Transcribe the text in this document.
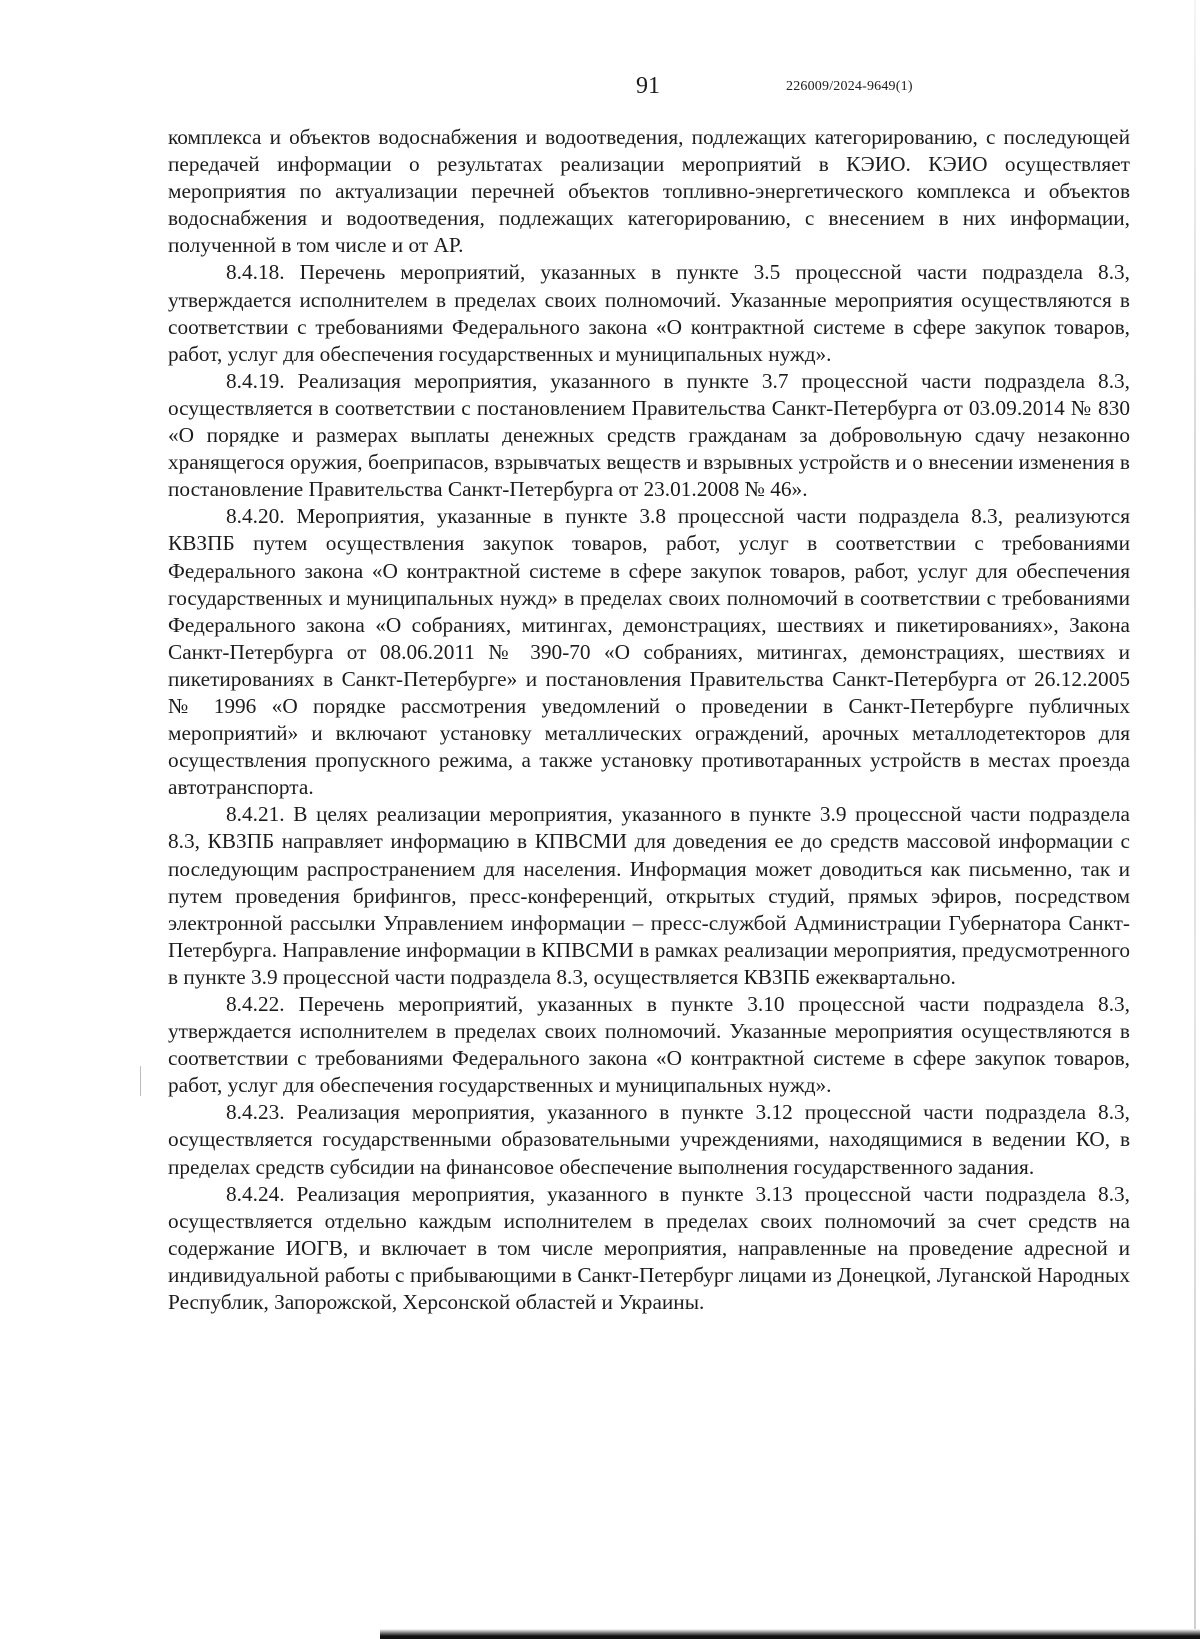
91	226009/2024-9649(1)

комплекса и объектов водоснабжения и водоотведения, подлежащих категорированию, с последующей передачей информации о результатах реализации мероприятий в КЭИО. КЭИО осуществляет мероприятия по актуализации перечней объектов топливно-энергетического комплекса и объектов водоснабжения и водоотведения, подлежащих категорированию, с внесением в них информации, полученной в том числе и от АР.

8.4.18. Перечень мероприятий, указанных в пункте 3.5 процессной части подраздела 8.3, утверждается исполнителем в пределах своих полномочий. Указанные мероприятия осуществляются в соответствии с требованиями Федерального закона «О контрактной системе в сфере закупок товаров, работ, услуг для обеспечения государственных и муниципальных нужд».

8.4.19. Реализация мероприятия, указанного в пункте 3.7 процессной части подраздела 8.3, осуществляется в соответствии с постановлением Правительства Санкт-Петербурга от 03.09.2014 № 830 «О порядке и размерах выплаты денежных средств гражданам за добровольную сдачу незаконно хранящегося оружия, боеприпасов, взрывчатых веществ и взрывных устройств и о внесении изменения в постановление Правительства Санкт-Петербурга от 23.01.2008 № 46».

8.4.20. Мероприятия, указанные в пункте 3.8 процессной части подраздела 8.3, реализуются КВЗПБ путем осуществления закупок товаров, работ, услуг в соответствии с требованиями Федерального закона «О контрактной системе в сфере закупок товаров, работ, услуг для обеспечения государственных и муниципальных нужд» в пределах своих полномочий в соответствии с требованиями Федерального закона «О собраниях, митингах, демонстрациях, шествиях и пикетированиях», Закона Санкт-Петербурга от 08.06.2011 № 390-70 «О собраниях, митингах, демонстрациях, шествиях и пикетированиях в Санкт-Петербурге» и постановления Правительства Санкт-Петербурга от 26.12.2005 № 1996 «О порядке рассмотрения уведомлений о проведении в Санкт-Петербурге публичных мероприятий» и включают установку металлических ограждений, арочных металлодетекторов для осуществления пропускного режима, а также установку противотаранных устройств в местах проезда автотранспорта.

8.4.21. В целях реализации мероприятия, указанного в пункте 3.9 процессной части подраздела 8.3, КВЗПБ направляет информацию в КПВСМИ для доведения ее до средств массовой информации с последующим распространением для населения. Информация может доводиться как письменно, так и путем проведения брифингов, пресс-конференций, открытых студий, прямых эфиров, посредством электронной рассылки Управлением информации – пресс-службой Администрации Губернатора Санкт-Петербурга. Направление информации в КПВСМИ в рамках реализации мероприятия, предусмотренного в пункте 3.9 процессной части подраздела 8.3, осуществляется КВЗПБ ежеквартально.

8.4.22. Перечень мероприятий, указанных в пункте 3.10 процессной части подраздела 8.3, утверждается исполнителем в пределах своих полномочий. Указанные мероприятия осуществляются в соответствии с требованиями Федерального закона «О контрактной системе в сфере закупок товаров, работ, услуг для обеспечения государственных и муниципальных нужд».

8.4.23. Реализация мероприятия, указанного в пункте 3.12 процессной части подраздела 8.3, осуществляется государственными образовательными учреждениями, находящимися в ведении КО, в пределах средств субсидии на финансовое обеспечение выполнения государственного задания.

8.4.24. Реализация мероприятия, указанного в пункте 3.13 процессной части подраздела 8.3, осуществляется отдельно каждым исполнителем в пределах своих полномочий за счет средств на содержание ИОГВ, и включает в том числе мероприятия, направленные на проведение адресной и индивидуальной работы с прибывающими в Санкт-Петербург лицами из Донецкой, Луганской Народных Республик, Запорожской, Херсонской областей и Украины.
